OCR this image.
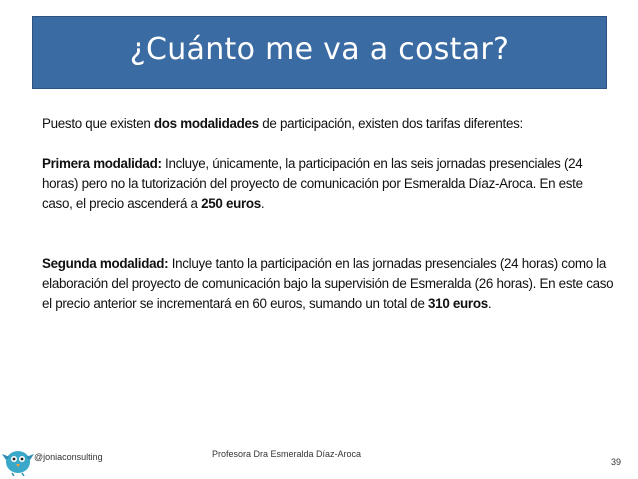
¿Cuánto me va a costar?

Puesto que existen dos modalidades de participación, existen dos tarifas diferentes:

Primera modalidad: Incluye, únicamente, la participación en las seis jornadas presenciales (24 horas) pero no la tutorización del proyecto de comunicación por Esmeralda Díaz-Aroca. En este caso, el precio ascenderá a 250 euros.

Segunda modalidad: Incluye tanto la participación en las jornadas presenciales (24 horas) como la elaboración del proyecto de comunicación bajo la supervisión de Esmeralda (26 horas). En este caso el precio anterior se incrementará en 60 euros, sumando un total de 310 euros.

@joniaconsulting	Profesora Dra Esmeralda Díaz-Aroca
39
